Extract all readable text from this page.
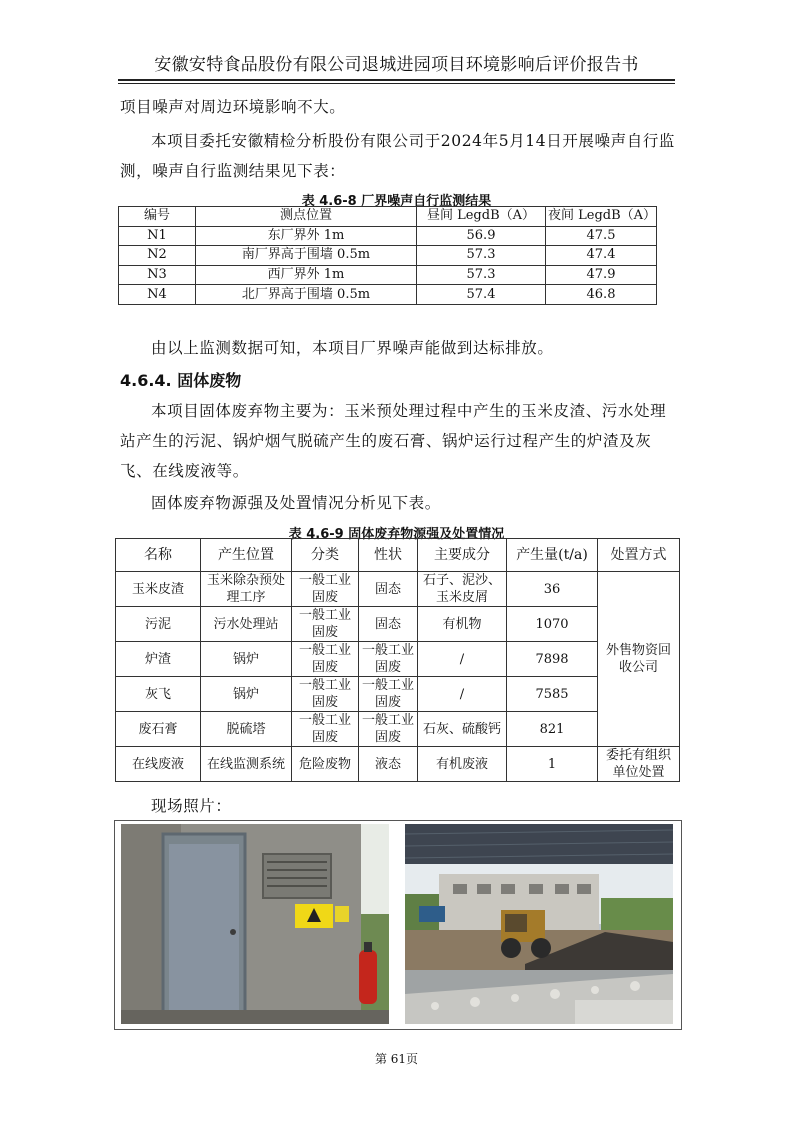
安徽安特食品股份有限公司退城进园项目环境影响后评价报告书
项目噪声对周边环境影响不大。
本项目委托安徽精检分析股份有限公司于2024年5月14日开展噪声自行监测，噪声自行监测结果见下表：
表 4.6-8 厂界噪声自行监测结果
编号	测点位置	昼间 LegdB（A）	夜间 LegdB（A）
N1	东厂界外 1m	56.9	47.5
N2	南厂界高于围墙 0.5m	57.3	47.4
N3	西厂界外 1m	57.3	47.9
N4	北厂界高于围墙 0.5m	57.4	46.8
由以上监测数据可知，本项目厂界噪声能做到达标排放。
4.6.4. 固体废物
本项目固体废弃物主要为：玉米预处理过程中产生的玉米皮渣、污水处理站产生的污泥、锅炉烟气脱硫产生的废石膏、锅炉运行过程产生的炉渣及灰飞、在线废液等。
固体废弃物源强及处置情况分析见下表。
表 4.6-9 固体废弃物源强及处置情况
名称	产生位置	分类	性状	主要成分	产生量(t/a)	处置方式
玉米皮渣	玉米除杂预处理工序	一般工业固废	固态	石子、泥沙、玉米皮屑	36	外售物资回收公司
污泥	污水处理站	一般工业固废	固态	有机物	1070	
炉渣	锅炉	一般工业固废	一般工业固废	/	7898	
灰飞	锅炉	一般工业固废	一般工业固废	/	7585	
废石膏	脱硫塔	一般工业固废	一般工业固废	石灰、硫酸钙	821	
在线废液	在线监测系统	危险废物	液态	有机废液	1	委托有组织单位处置
现场照片：
第 61页
